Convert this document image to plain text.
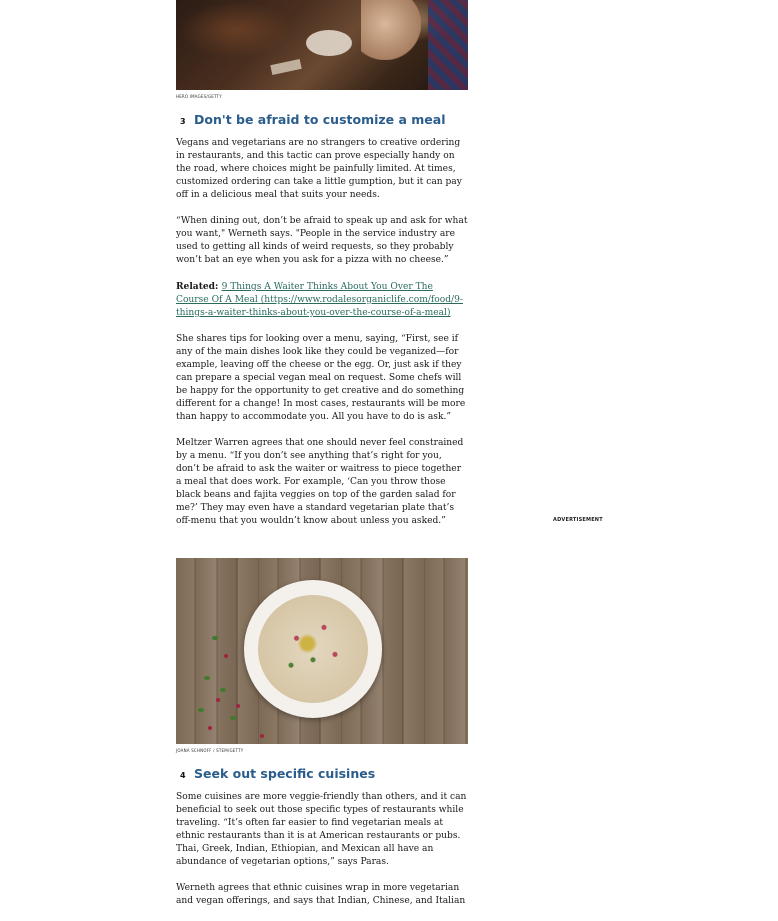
HERO IMAGES/GETTY
3 Don't be afraid to customize a meal

Vegans and vegetarians are no strangers to creative ordering in restaurants, and this tactic can prove especially handy on the road, where choices might be painfully limited. At times, customized ordering can take a little gumption, but it can pay off in a delicious meal that suits your needs.

“When dining out, don’t be afraid to speak up and ask for what you want," Werneth says. "People in the service industry are used to getting all kinds of weird requests, so they probably won’t bat an eye when you ask for a pizza with no cheese.”

Related: 9 Things A Waiter Thinks About You Over The Course Of A Meal (https://www.rodalesorganiclife.com/food/9-things-a-waiter-thinks-about-you-over-the-course-of-a-meal)

She shares tips for looking over a menu, saying, “First, see if any of the main dishes look like they could be veganized—for example, leaving off the cheese or the egg. Or, just ask if they can prepare a special vegan meal on request. Some chefs will be happy for the opportunity to get creative and do something different for a change! In most cases, restaurants will be more than happy to accommodate you. All you have to do is ask.”

Meltzer Warren agrees that one should never feel constrained by a menu. “If you don’t see anything that’s right for you, don’t be afraid to ask the waiter or waitress to piece together a meal that does work. For example, ‘Can you throw those black beans and fajita veggies on top of the garden salad for me?’ They may even have a standard vegetarian plate that’s off-menu that you wouldn’t know about unless you asked.”

JOANA SCHNOFF / STEM/GETTY
4 Seek out specific cuisines

Some cuisines are more veggie-friendly than others, and it can beneficial to seek out those specific types of restaurants while traveling. “It’s often far easier to find vegetarian meals at ethnic restaurants than it is at American restaurants or pubs. Thai, Greek, Indian, Ethiopian, and Mexican all have an abundance of vegetarian options,” says Paras.

Werneth agrees that ethnic cuisines wrap in more vegetarian and vegan offerings, and says that Indian, Chinese, and Italian

ADVERTISEMENT
